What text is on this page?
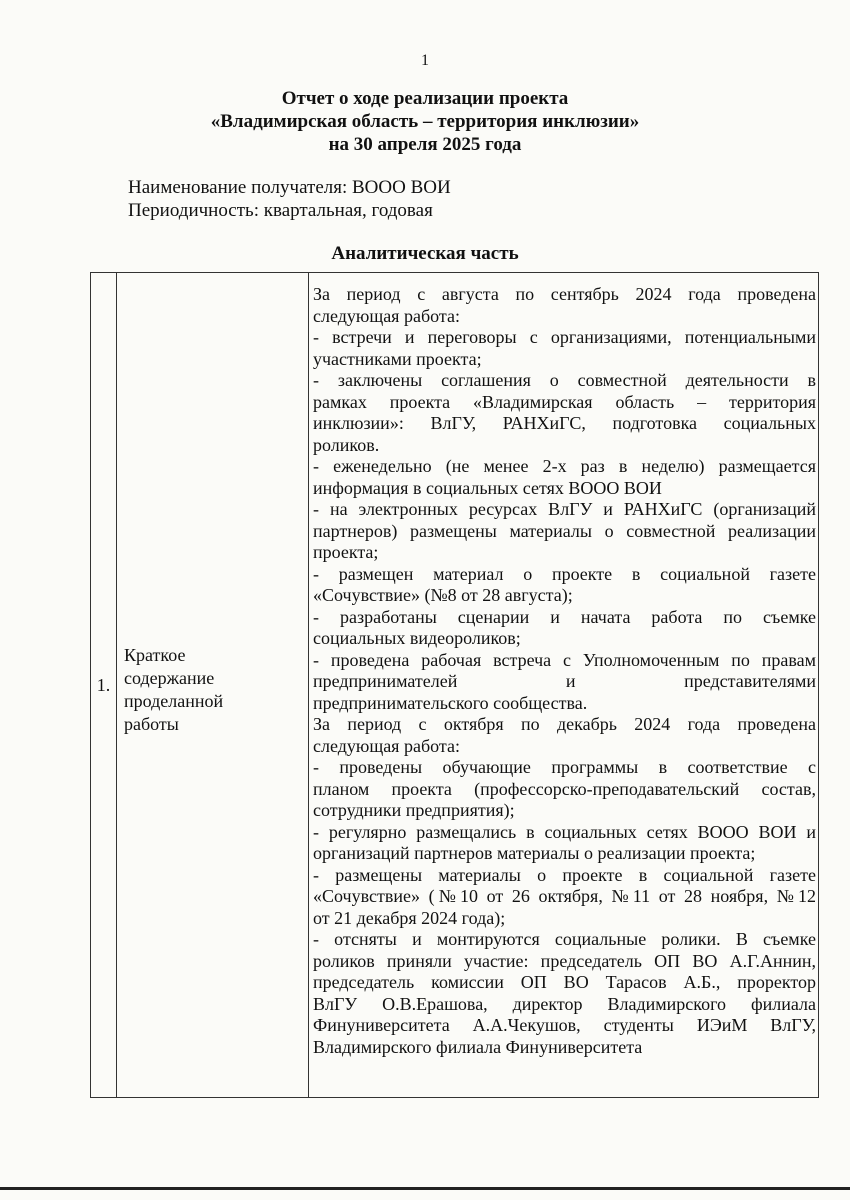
1
Отчет о ходе реализации проекта
«Владимирская область – территория инклюзии»
на 30 апреля 2025 года
Наименование получателя: ВООО ВОИ
Периодичность: квартальная, годовая
Аналитическая часть
1.
Краткое
содержание
проделанной
работы
За период с августа по сентябрь 2024 года проведена
следующая работа:
- встречи и переговоры с организациями, потенциальными
участниками проекта;
- заключены соглашения о совместной деятельности в
рамках проекта «Владимирская область – территория
инклюзии»: ВлГУ, РАНХиГС, подготовка социальных
роликов.
- еженедельно (не менее 2-х раз в неделю) размещается
информация в социальных сетях ВООО ВОИ
- на электронных ресурсах ВлГУ и РАНХиГС (организаций
партнеров) размещены материалы о совместной реализации
проекта;
- размещен материал о проекте в социальной газете
«Сочувствие» (№8 от 28 августа);
- разработаны сценарии и начата работа по съемке
социальных видеороликов;
- проведена рабочая встреча с Уполномоченным по правам
предпринимателей и представителями
предпринимательского сообщества.
За период с октября по декабрь 2024 года проведена
следующая работа:
- проведены обучающие программы в соответствие с
планом проекта (профессорско-преподавательский состав,
сотрудники предприятия);
- регулярно размещались в социальных сетях ВООО ВОИ и
организаций партнеров материалы о реализации проекта;
- размещены материалы о проекте в социальной газете
«Сочувствие» (№10 от 26 октября, №11 от 28 ноября, №12
от 21 декабря 2024 года);
- отсняты и монтируются социальные ролики. В съемке
роликов приняли участие: председатель ОП ВО А.Г.Аннин,
председатель комиссии ОП ВО Тарасов А.Б., проректор
ВлГУ О.В.Ерашова, директор Владимирского филиала
Финуниверситета А.А.Чекушов, студенты ИЭиМ ВлГУ,
Владимирского филиала Финуниверситета
